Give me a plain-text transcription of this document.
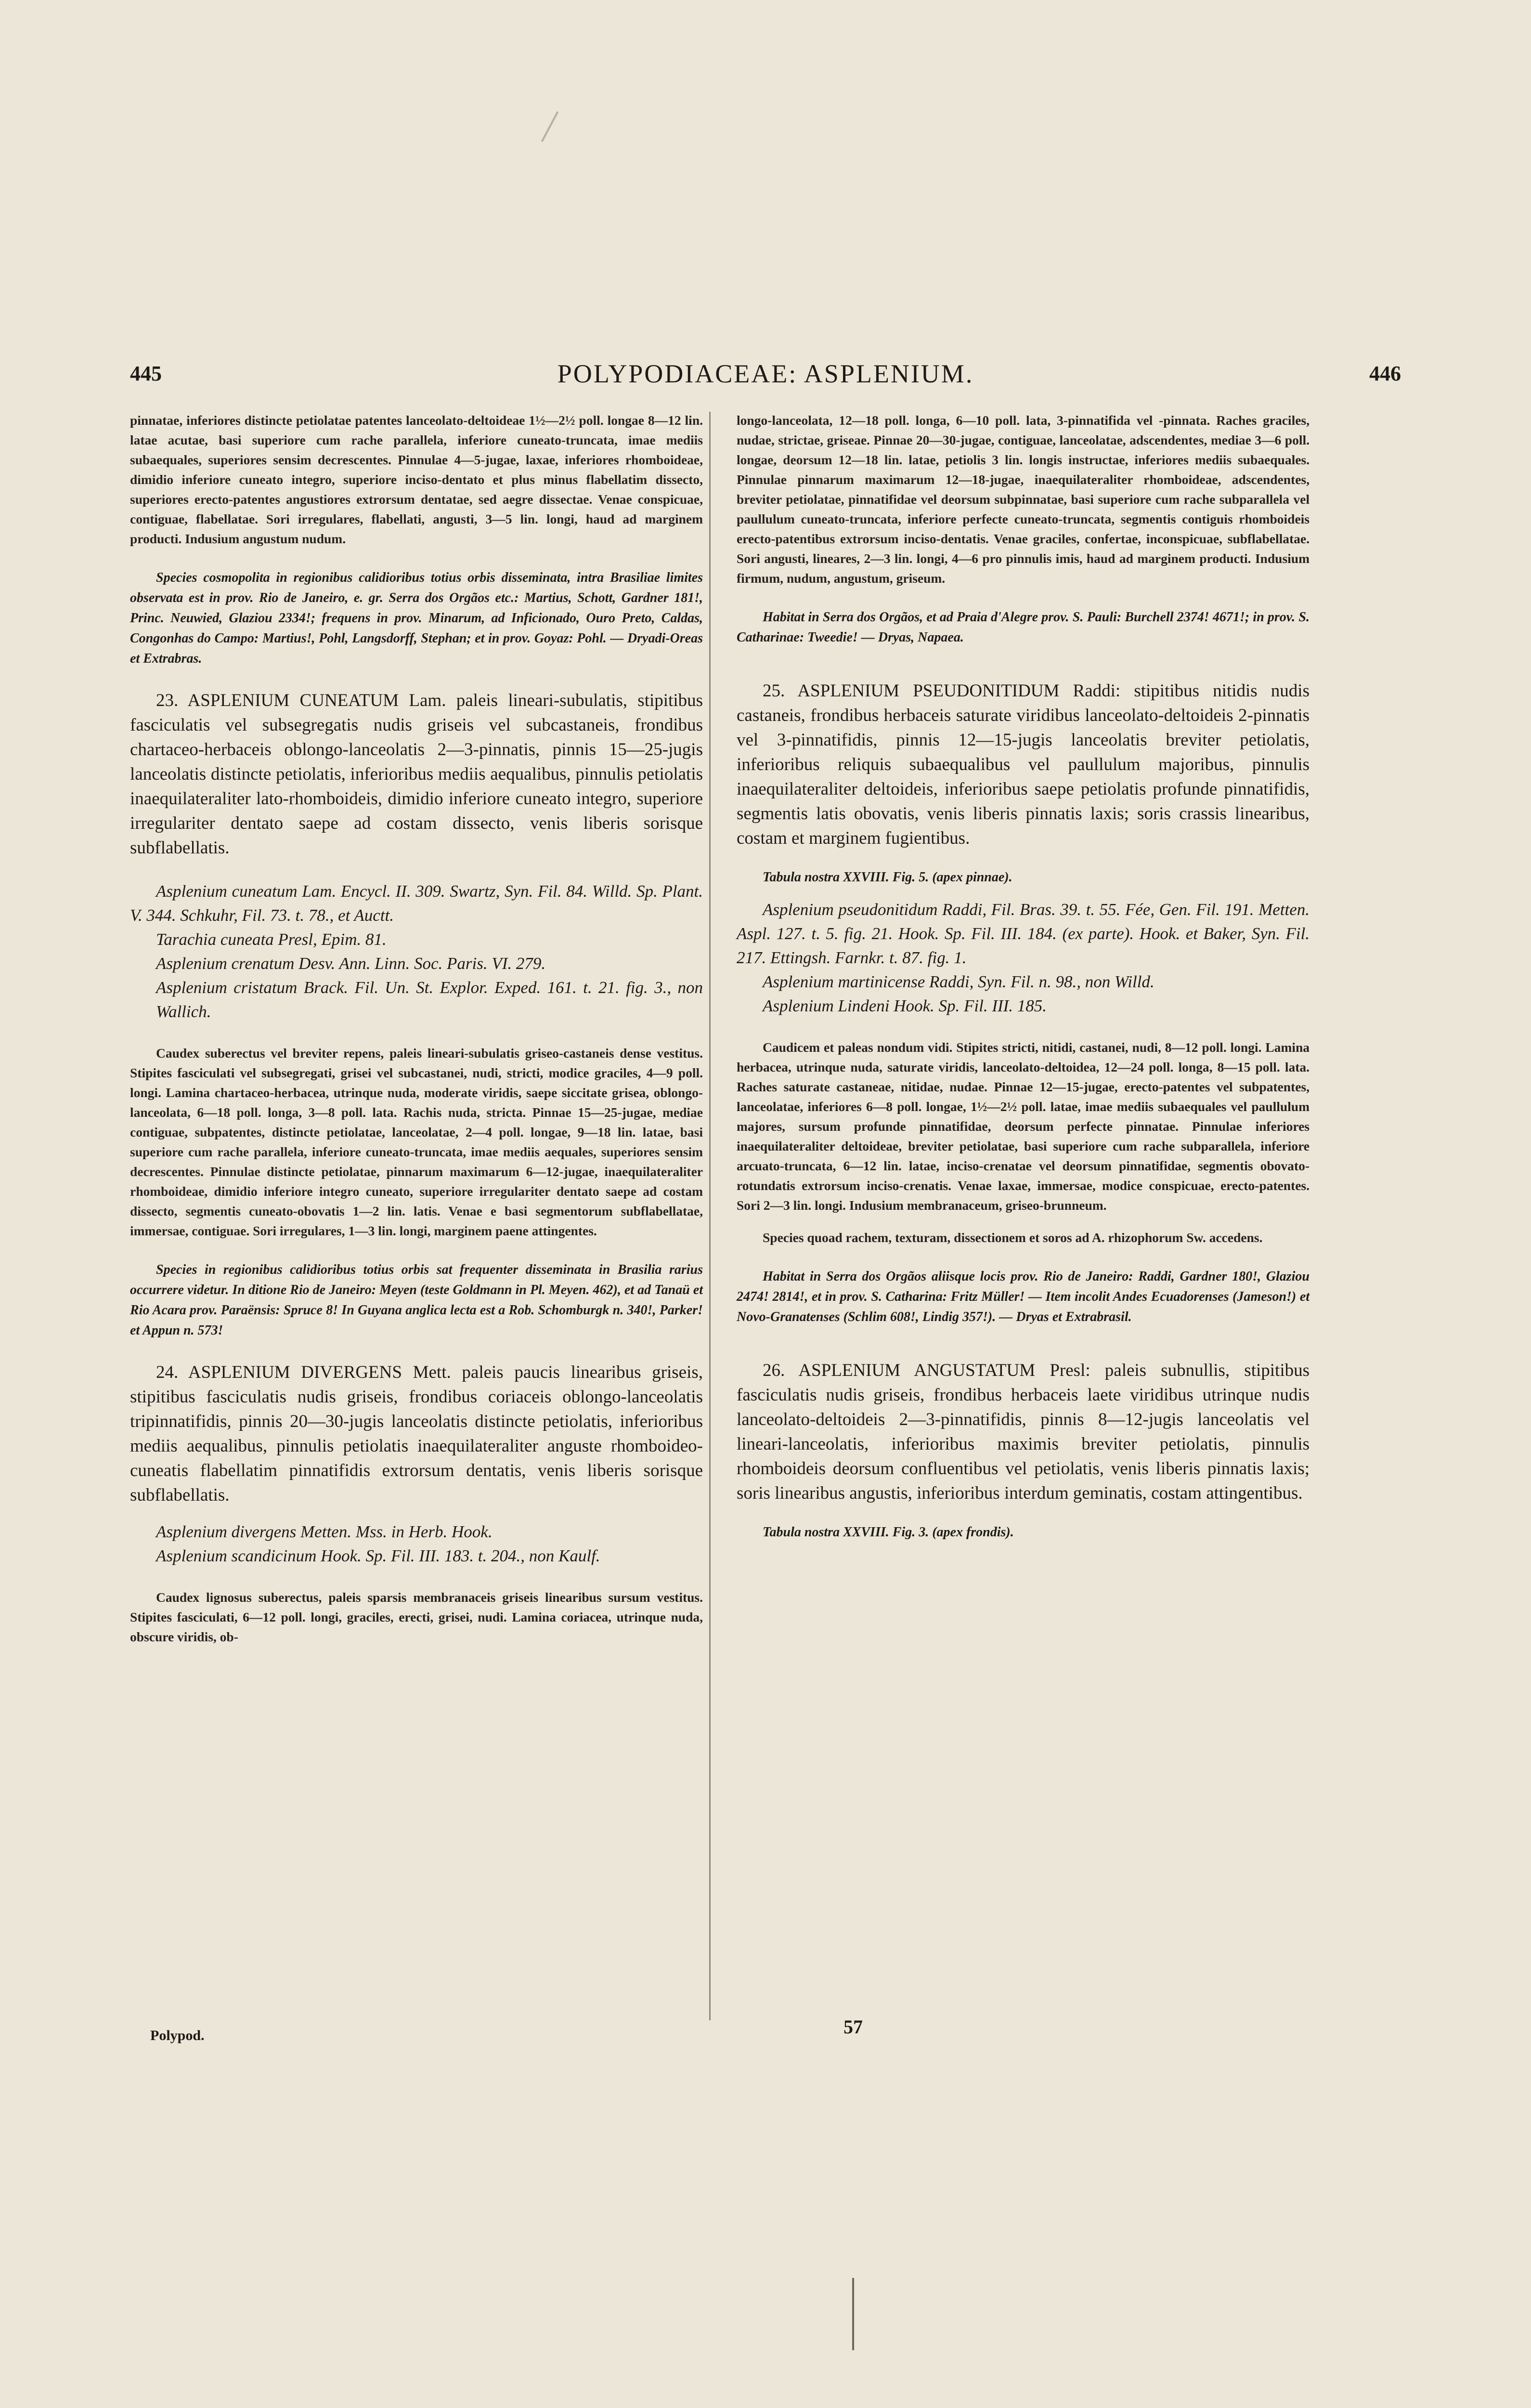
445	POLYPODIACEAE: ASPLENIUM.	446

pinnatae, inferiores distincte petiolatae patentes lanceolato-deltoideae 1½—2½ poll. longae 8—12 lin. latae acutae, basi superiore cum rache parallela, inferiore cuneato-truncata, imae mediis subaequales, superiores sensim decrescentes. Pinnulae 4—5-jugae, laxae, inferiores rhomboideae, dimidio inferiore cuneato integro, superiore inciso-dentato et plus minus flabellatim dissecto, superiores erecto-patentes angustiores extrorsum dentatae, sed aegre dissectae. Venae conspicuae, contiguae, flabellatae. Sori irregulares, flabellati, angusti, 3—5 lin. longi, haud ad marginem producti. Indusium angustum nudum.

Species cosmopolita in regionibus calidioribus totius orbis disseminata, intra Brasiliae limites observata est in prov. Rio de Janeiro, e. gr. Serra dos Orgãos etc.: Martius, Schott, Gardner 181!, Princ. Neuwied, Glaziou 2334!; frequens in prov. Minarum, ad Inficionado, Ouro Preto, Caldas, Congonhas do Campo: Martius!, Pohl, Langsdorff, Stephan; et in prov. Goyaz: Pohl. — Dryadi-Oreas et Extrabras.

23. ASPLENIUM CUNEATUM Lam. paleis lineari-subulatis, stipitibus fasciculatis vel subsegregatis nudis griseis vel subcastaneis, frondibus chartaceo-herbaceis oblongo-lanceolatis 2—3-pinnatis, pinnis 15—25-jugis lanceolatis distincte petiolatis, inferioribus mediis aequalibus, pinnulis petiolatis inaequilateraliter lato-rhomboideis, dimidio inferiore cuneato integro, superiore irregulariter dentato saepe ad costam dissecto, venis liberis sorisque subflabellatis.

Asplenium cuneatum Lam. Encycl. II. 309. Swartz, Syn. Fil. 84. Willd. Sp. Plant. V. 344. Schkuhr, Fil. 73. t. 78., et Auctt.

Tarachia cuneata Presl, Epim. 81.

Asplenium crenatum Desv. Ann. Linn. Soc. Paris. VI. 279.

Asplenium cristatum Brack. Fil. Un. St. Explor. Exped. 161. t. 21. fig. 3., non Wallich.

Caudex suberectus vel breviter repens, paleis lineari-subulatis griseo-castaneis dense vestitus. Stipites fasciculati vel subsegregati, grisei vel subcastanei, nudi, stricti, modice graciles, 4—9 poll. longi. Lamina chartaceo-herbacea, utrinque nuda, moderate viridis, saepe siccitate grisea, oblongo-lanceolata, 6—18 poll. longa, 3—8 poll. lata. Rachis nuda, stricta. Pinnae 15—25-jugae, mediae contiguae, subpatentes, distincte petiolatae, lanceolatae, 2—4 poll. longae, 9—18 lin. latae, basi superiore cum rache parallela, inferiore cuneato-truncata, imae mediis aequales, superiores sensim decrescentes. Pinnulae distincte petiolatae, pinnarum maximarum 6—12-jugae, inaequilateraliter rhomboideae, dimidio inferiore integro cuneato, superiore irregulariter dentato saepe ad costam dissecto, segmentis cuneato-obovatis 1—2 lin. latis. Venae e basi segmentorum subflabellatae, immersae, contiguae. Sori irregulares, 1—3 lin. longi, marginem paene attingentes.

Species in regionibus calidioribus totius orbis sat frequenter disseminata in Brasilia rarius occurrere videtur. In ditione Rio de Janeiro: Meyen (teste Goldmann in Pl. Meyen. 462), et ad Tanaü et Rio Acara prov. Paraënsis: Spruce 8! In Guyana anglica lecta est a Rob. Schomburgk n. 340!, Parker! et Appun n. 573!

24. ASPLENIUM DIVERGENS Mett. paleis paucis linearibus griseis, stipitibus fasciculatis nudis griseis, frondibus coriaceis oblongo-lanceolatis tripinnatifidis, pinnis 20—30-jugis lanceolatis distincte petiolatis, inferioribus mediis aequalibus, pinnulis petiolatis inaequilateraliter anguste rhomboideo-cuneatis flabellatim pinnatifidis extrorsum dentatis, venis liberis sorisque subflabellatis.

Asplenium divergens Metten. Mss. in Herb. Hook.

Asplenium scandicinum Hook. Sp. Fil. III. 183. t. 204., non Kaulf.

Caudex lignosus suberectus, paleis sparsis membranaceis griseis linearibus sursum vestitus. Stipites fasciculati, 6—12 poll. longi, graciles, erecti, grisei, nudi. Lamina coriacea, utrinque nuda, obscure viridis, ob-

longo-lanceolata, 12—18 poll. longa, 6—10 poll. lata, 3-pinnatifida vel -pinnata. Raches graciles, nudae, strictae, griseae. Pinnae 20—30-jugae, contiguae, lanceolatae, adscendentes, mediae 3—6 poll. longae, deorsum 12—18 lin. latae, petiolis 3 lin. longis instructae, inferiores mediis subaequales. Pinnulae pinnarum maximarum 12—18-jugae, inaequilateraliter rhomboideae, adscendentes, breviter petiolatae, pinnatifidae vel deorsum subpinnatae, basi superiore cum rache subparallela vel paullulum cuneato-truncata, inferiore perfecte cuneato-truncata, segmentis contiguis rhomboideis erecto-patentibus extrorsum inciso-dentatis. Venae graciles, confertae, inconspicuae, subflabellatae. Sori angusti, lineares, 2—3 lin. longi, 4—6 pro pinnulis imis, haud ad marginem producti. Indusium firmum, nudum, angustum, griseum.

Habitat in Serra dos Orgãos, et ad Praia d'Alegre prov. S. Pauli: Burchell 2374! 4671!; in prov. S. Catharinae: Tweedie! — Dryas, Napaea.

25. ASPLENIUM PSEUDONITIDUM Raddi: stipitibus nitidis nudis castaneis, frondibus herbaceis saturate viridibus lanceolato-deltoideis 2-pinnatis vel 3-pinnatifidis, pinnis 12—15-jugis lanceolatis breviter petiolatis, inferioribus reliquis subaequalibus vel paullulum majoribus, pinnulis inaequilateraliter deltoideis, inferioribus saepe petiolatis profunde pinnatifidis, segmentis latis obovatis, venis liberis pinnatis laxis; soris crassis linearibus, costam et marginem fugientibus.

Tabula nostra XXVIII. Fig. 5. (apex pinnae).

Asplenium pseudonitidum Raddi, Fil. Bras. 39. t. 55. Fée, Gen. Fil. 191. Metten. Aspl. 127. t. 5. fig. 21. Hook. Sp. Fil. III. 184. (ex parte). Hook. et Baker, Syn. Fil. 217. Ettingsh. Farnkr. t. 87. fig. 1.

Asplenium martinicense Raddi, Syn. Fil. n. 98., non Willd.

Asplenium Lindeni Hook. Sp. Fil. III. 185.

Caudicem et paleas nondum vidi. Stipites stricti, nitidi, castanei, nudi, 8—12 poll. longi. Lamina herbacea, utrinque nuda, saturate viridis, lanceolato-deltoidea, 12—24 poll. longa, 8—15 poll. lata. Raches saturate castaneae, nitidae, nudae. Pinnae 12—15-jugae, erecto-patentes vel subpatentes, lanceolatae, inferiores 6—8 poll. longae, 1½—2½ poll. latae, imae mediis subaequales vel paullulum majores, sursum profunde pinnatifidae, deorsum perfecte pinnatae. Pinnulae inferiores inaequilateraliter deltoideae, breviter petiolatae, basi superiore cum rache subparallela, inferiore arcuato-truncata, 6—12 lin. latae, inciso-crenatae vel deorsum pinnatifidae, segmentis obovato-rotundatis extrorsum inciso-crenatis. Venae laxae, immersae, modice conspicuae, erecto-patentes. Sori 2—3 lin. longi. Indusium membranaceum, griseo-brunneum.

Species quoad rachem, texturam, dissectionem et soros ad A. rhizophorum Sw. accedens.

Habitat in Serra dos Orgãos aliisque locis prov. Rio de Janeiro: Raddi, Gardner 180!, Glaziou 2474! 2814!, et in prov. S. Catharina: Fritz Müller! — Item incolit Andes Ecuadorenses (Jameson!) et Novo-Granatenses (Schlim 608!, Lindig 357!). — Dryas et Extrabrasil.

26. ASPLENIUM ANGUSTATUM Presl: paleis subnullis, stipitibus fasciculatis nudis griseis, frondibus herbaceis laete viridibus utrinque nudis lanceolato-deltoideis 2—3-pinnatifidis, pinnis 8—12-jugis lanceolatis vel lineari-lanceolatis, inferioribus maximis breviter petiolatis, pinnulis rhomboideis deorsum confluentibus vel petiolatis, venis liberis pinnatis laxis; soris linearibus angustis, inferioribus interdum geminatis, costam attingentibus.

Tabula nostra XXVIII. Fig. 3. (apex frondis).

Polypod.	57
